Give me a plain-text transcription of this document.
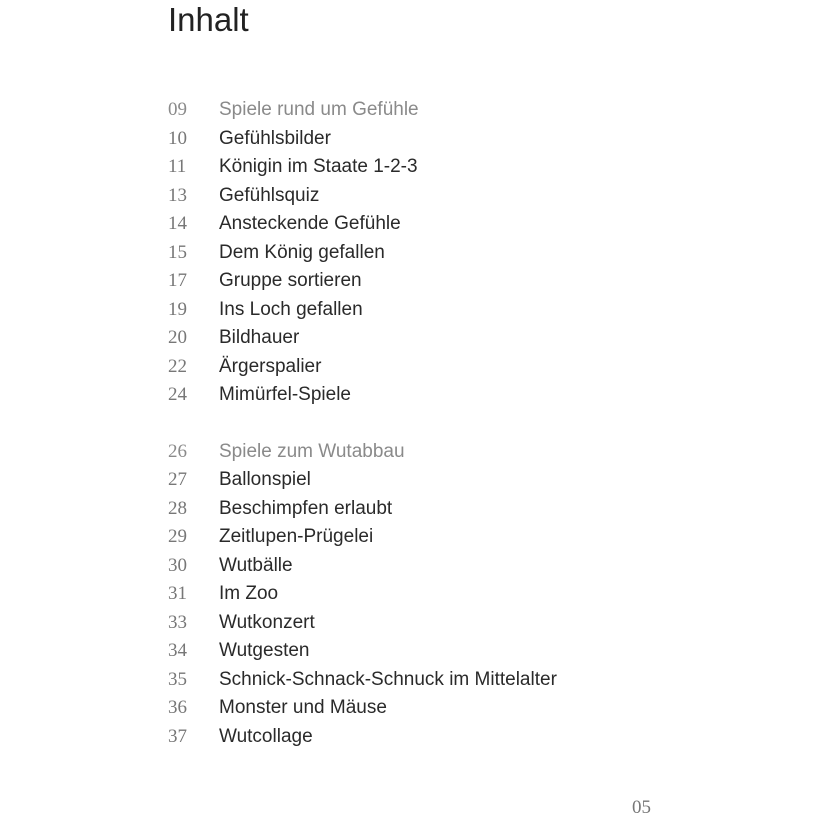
Inhalt
09	Spiele rund um Gefühle
10	Gefühlsbilder
11	Königin im Staate 1-2-3
13	Gefühlsquiz
14	Ansteckende Gefühle
15	Dem König gefallen
17	Gruppe sortieren
19	Ins Loch gefallen
20	Bildhauer
22	Ärgerspalier
24	Mimürfel-Spiele
26	Spiele zum Wutabbau
27	Ballonspiel
28	Beschimpfen erlaubt
29	Zeitlupen-Prügelei
30	Wutbälle
31	Im Zoo
33	Wutkonzert
34	Wutgesten
35	Schnick-Schnack-Schnuck im Mittelalter
36	Monster und Mäuse
37	Wutcollage
05
